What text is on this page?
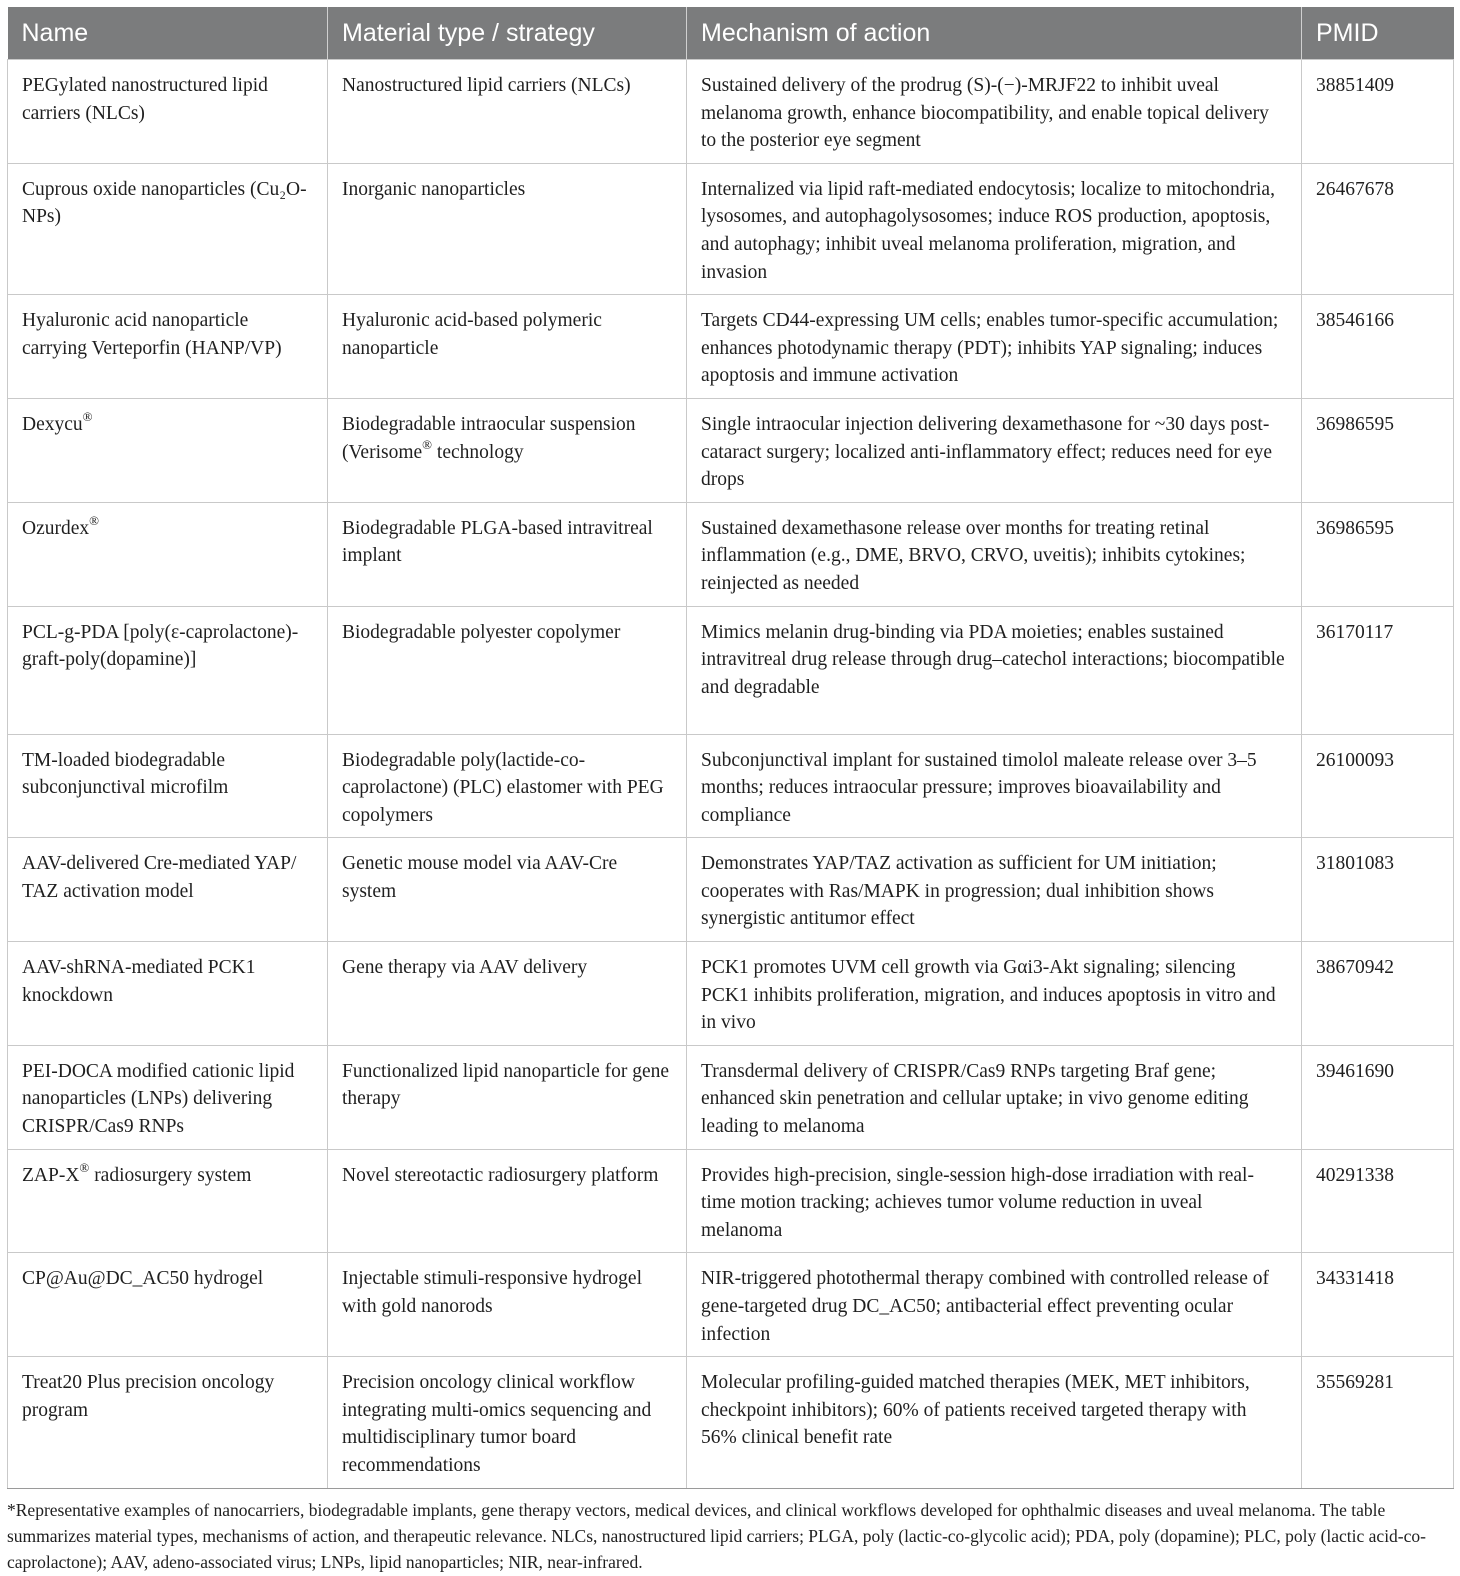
Name	Material type / strategy	Mechanism of action	PMID
PEGylated nanostructured lipid carriers (NLCs)	Nanostructured lipid carriers (NLCs)	Sustained delivery of the prodrug (S)-(−)-MRJF22 to inhibit uveal melanoma growth, enhance biocompatibility, and enable topical delivery to the posterior eye segment	38851409
Cuprous oxide nanoparticles (Cu₂O-NPs)	Inorganic nanoparticles	Internalized via lipid raft-mediated endocytosis; localize to mitochondria, lysosomes, and autophagolysosomes; induce ROS production, apoptosis, and autophagy; inhibit uveal melanoma proliferation, migration, and invasion	26467678
Hyaluronic acid nanoparticle carrying Verteporfin (HANP/VP)	Hyaluronic acid-based polymeric nanoparticle	Targets CD44-expressing UM cells; enables tumor-specific accumulation; enhances photodynamic therapy (PDT); inhibits YAP signaling; induces apoptosis and immune activation	38546166
Dexycu®	Biodegradable intraocular suspension (Verisome® technology	Single intraocular injection delivering dexamethasone for ~30 days post-cataract surgery; localized anti-inflammatory effect; reduces need for eye drops	36986595
Ozurdex®	Biodegradable PLGA-based intravitreal implant	Sustained dexamethasone release over months for treating retinal inflammation (e.g., DME, BRVO, CRVO, uveitis); inhibits cytokines; reinjected as needed	36986595
PCL-g-PDA [poly(ε-caprolactone)-graft-poly(dopamine)]	Biodegradable polyester copolymer	Mimics melanin drug-binding via PDA moieties; enables sustained intravitreal drug release through drug–catechol interactions; biocompatible and degradable	36170117
TM-loaded biodegradable subconjunctival microfilm	Biodegradable poly(lactide-co-caprolactone) (PLC) elastomer with PEG copolymers	Subconjunctival implant for sustained timolol maleate release over 3–5 months; reduces intraocular pressure; improves bioavailability and compliance	26100093
AAV-delivered Cre-mediated YAP/ TAZ activation model	Genetic mouse model via AAV-Cre system	Demonstrates YAP/TAZ activation as sufficient for UM initiation; cooperates with Ras/MAPK in progression; dual inhibition shows synergistic antitumor effect	31801083
AAV-shRNA-mediated PCK1 knockdown	Gene therapy via AAV delivery	PCK1 promotes UVM cell growth via Gαi3-Akt signaling; silencing PCK1 inhibits proliferation, migration, and induces apoptosis in vitro and in vivo	38670942
PEI-DOCA modified cationic lipid nanoparticles (LNPs) delivering CRISPR/Cas9 RNPs	Functionalized lipid nanoparticle for gene therapy	Transdermal delivery of CRISPR/Cas9 RNPs targeting Braf gene; enhanced skin penetration and cellular uptake; in vivo genome editing leading to melanoma	39461690
ZAP-X® radiosurgery system	Novel stereotactic radiosurgery platform	Provides high-precision, single-session high-dose irradiation with real-time motion tracking; achieves tumor volume reduction in uveal melanoma	40291338
CP@Au@DC_AC50 hydrogel	Injectable stimuli-responsive hydrogel with gold nanorods	NIR-triggered photothermal therapy combined with controlled release of gene-targeted drug DC_AC50; antibacterial effect preventing ocular infection	34331418
Treat20 Plus precision oncology program	Precision oncology clinical workflow integrating multi-omics sequencing and multidisciplinary tumor board recommendations	Molecular profiling-guided matched therapies (MEK, MET inhibitors, checkpoint inhibitors); 60% of patients received targeted therapy with 56% clinical benefit rate	35569281
*Representative examples of nanocarriers, biodegradable implants, gene therapy vectors, medical devices, and clinical workflows developed for ophthalmic diseases and uveal melanoma. The table summarizes material types, mechanisms of action, and therapeutic relevance. NLCs, nanostructured lipid carriers; PLGA, poly (lactic-co-glycolic acid); PDA, poly (dopamine); PLC, poly (lactic acid-co-caprolactone); AAV, adeno-associated virus; LNPs, lipid nanoparticles; NIR, near-infrared.
